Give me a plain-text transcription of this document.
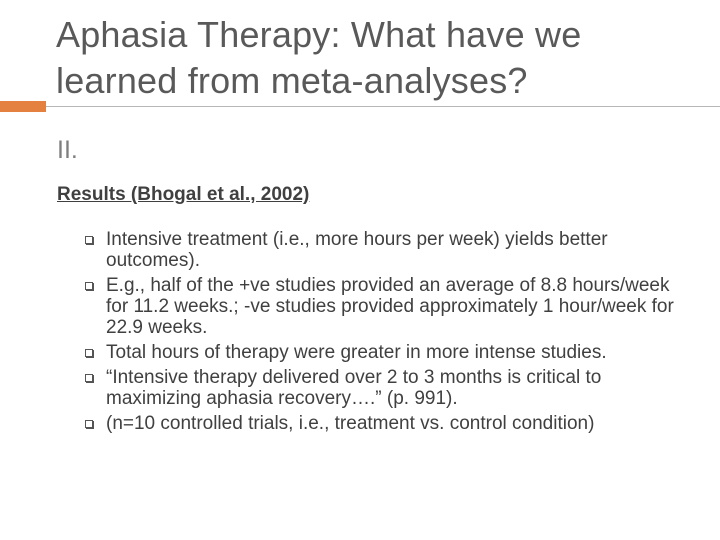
Aphasia Therapy: What have we learned from meta-analyses?
II.
Results (Bhogal et al., 2002)
Intensive treatment (i.e., more hours per week) yields better outcomes).
E.g., half of the +ve studies provided an average of 8.8 hours/week for 11.2 weeks.; -ve studies provided approximately 1 hour/week for 22.9 weeks.
Total hours of therapy were greater in more intense studies.
“Intensive therapy delivered over 2 to 3 months is critical to maximizing aphasia recovery….” (p. 991).
(n=10 controlled trials, i.e., treatment vs. control condition)
